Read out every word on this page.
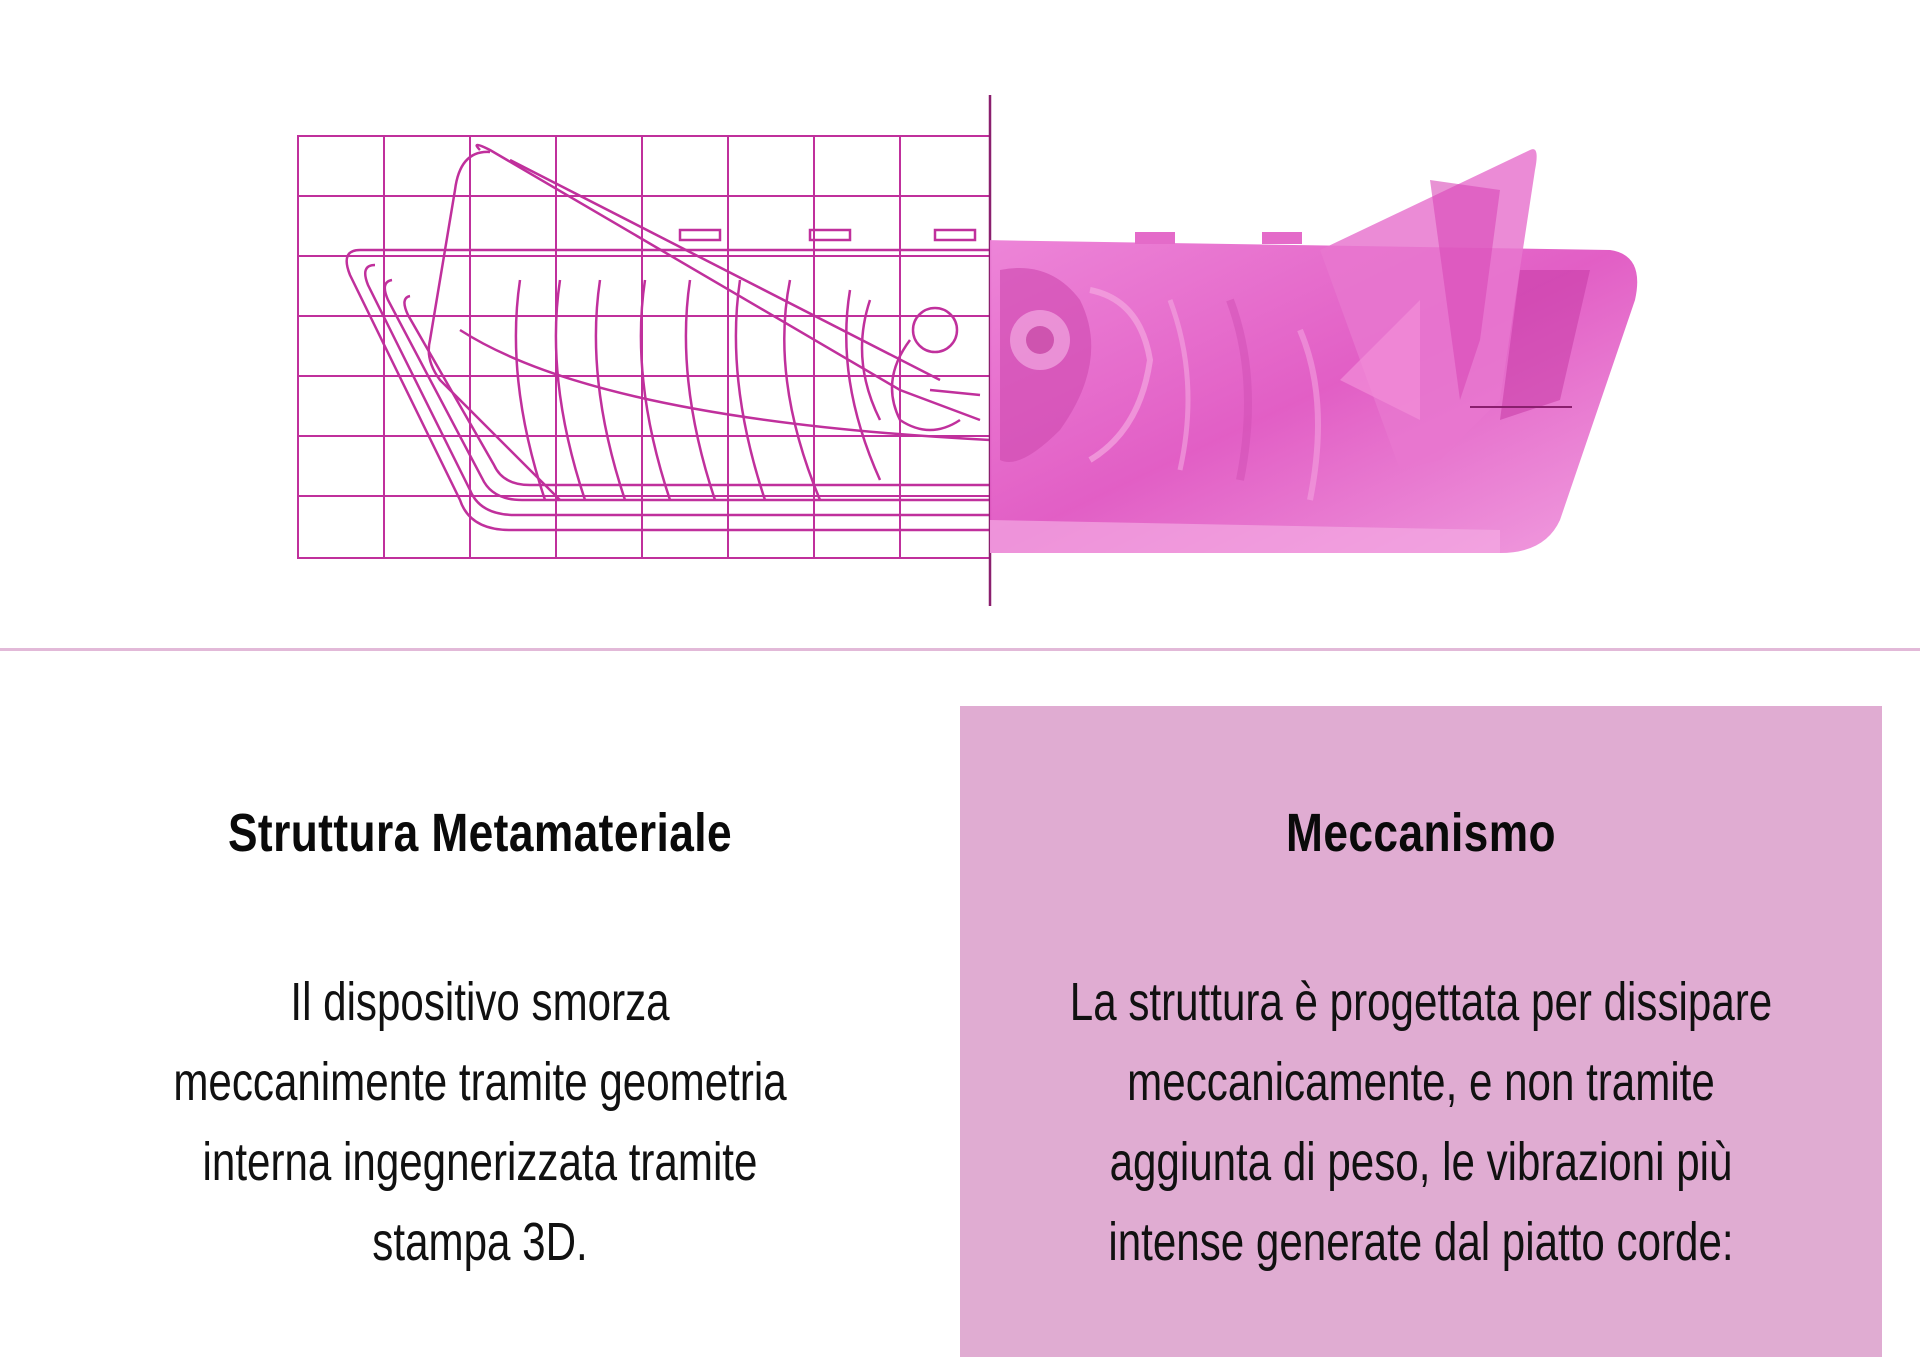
Struttura Metamateriale
Il dispositivo smorza
meccanimente tramite geometria
interna ingegnerizzata tramite
stampa 3D.
Meccanismo
La struttura è progettata per dissipare
meccanicamente, e non tramite
aggiunta di peso, le vibrazioni più
intense generate dal piatto corde:
